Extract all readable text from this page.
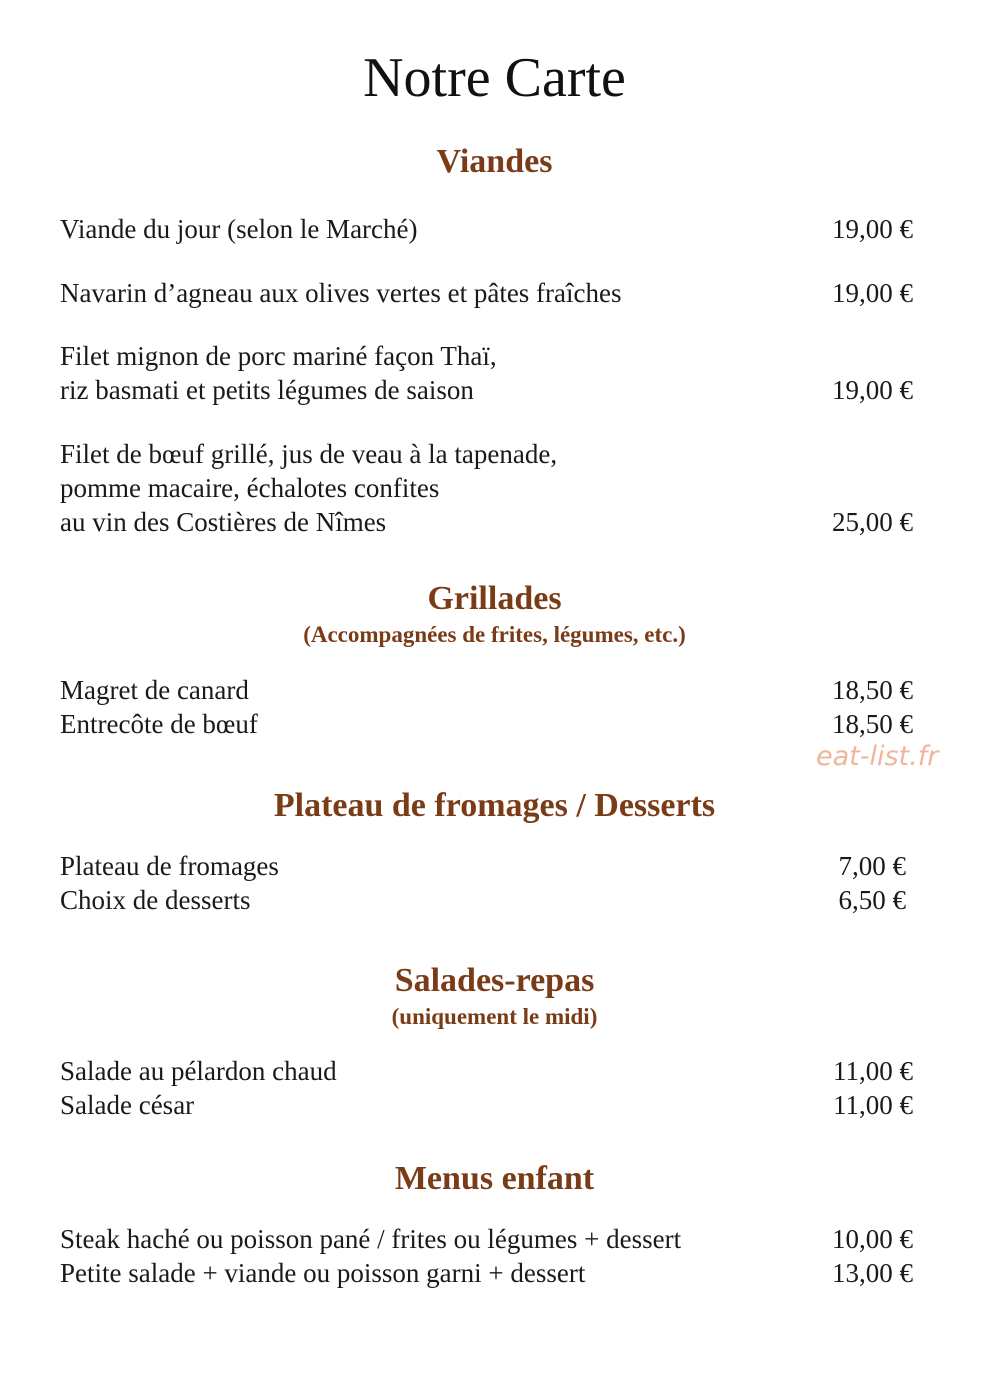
Notre Carte
Viandes
Viande du jour (selon le Marché)	19,00 €
Navarin d’agneau aux olives vertes et pâtes fraîches	19,00 €
Filet mignon de porc mariné façon Thaï,
riz basmati et petits légumes de saison	19,00 €
Filet de bœuf grillé, jus de veau à la tapenade,
pomme macaire, échalotes confites
au vin des Costières de Nîmes	25,00 €
Grillades
(Accompagnées de frites, légumes, etc.)
Magret de canard	18,50 €
Entrecôte de bœuf	18,50 €
eat-list.fr
Plateau de fromages / Desserts
Plateau de fromages	7,00 €
Choix de desserts	6,50 €
Salades-repas
(uniquement le midi)
Salade au pélardon chaud	11,00 €
Salade césar	11,00 €
Menus enfant
Steak haché ou poisson pané / frites ou légumes + dessert	10,00 €
Petite salade + viande ou poisson garni + dessert	13,00 €
